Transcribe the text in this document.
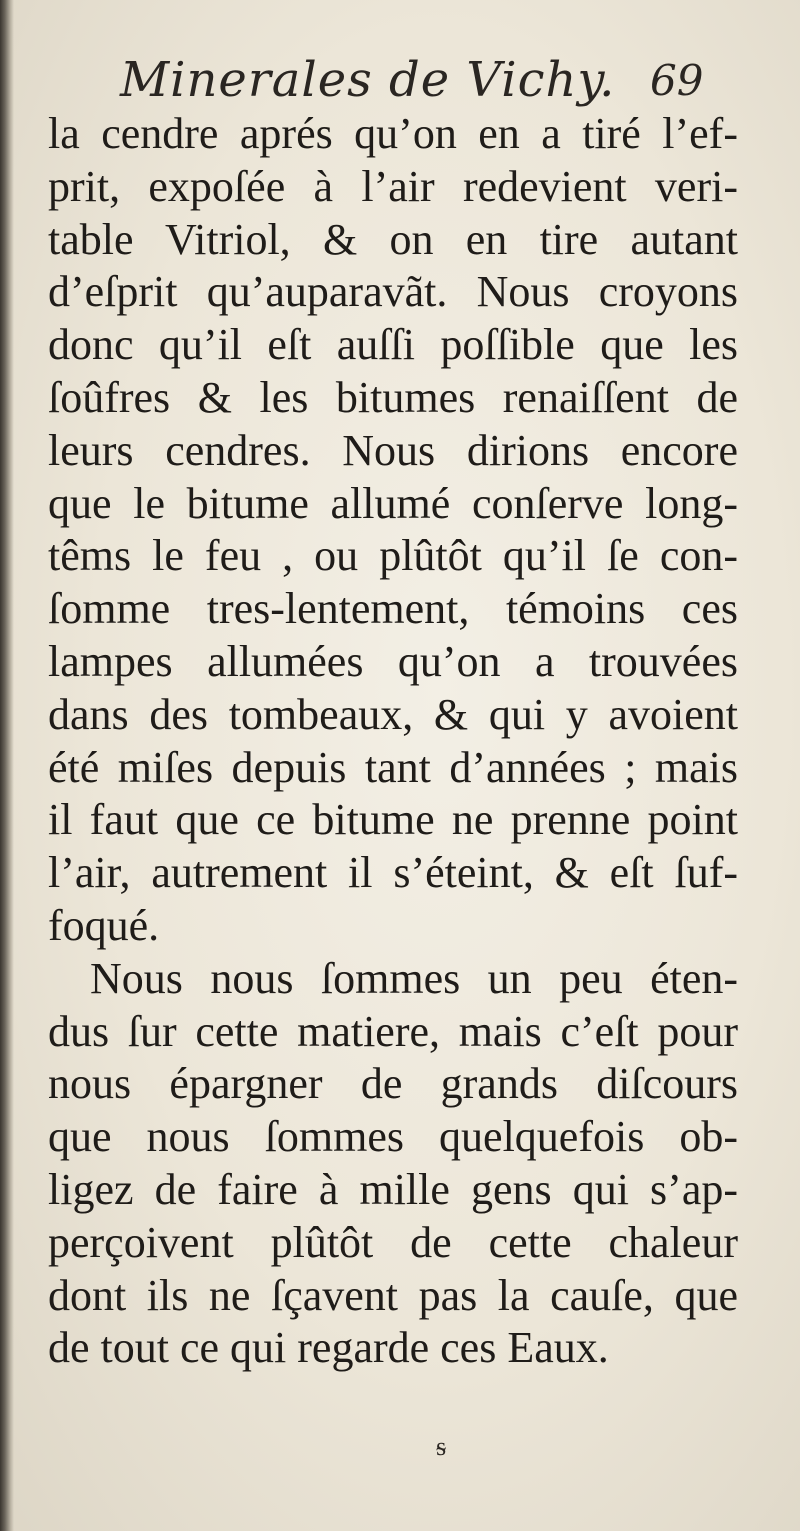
Minerales de Vichy. 69
la cendre aprés qu’on en a tiré l’ef-
prit, expoſée à l’air redevient veri-
table Vitriol, & on en tire autant
d’eſprit qu’auparavãt. Nous croyons
donc qu’il eſt auſſi poſſible que les
ſoûfres & les bitumes renaiſſent de
leurs cendres. Nous dirions encore
que le bitume allumé conſerve long-
têms le feu , ou plûtôt qu’il ſe con-
ſomme tres-lentement, témoins ces
lampes allumées qu’on a trouvées
dans des tombeaux, & qui y avoient
été miſes depuis tant d’années ; mais
il faut que ce bitume ne prenne point
l’air, autrement il s’éteint, & eſt ſuf-
foqué.
Nous nous ſommes un peu éten-
dus ſur cette matiere, mais c’eſt pour
nous épargner de grands diſcours
que nous ſommes quelquefois ob-
ligez de faire à mille gens qui s’ap-
perçoivent plûtôt de cette chaleur
dont ils ne ſçavent pas la cauſe, que
de tout ce qui regarde ces Eaux.
ᵴ
